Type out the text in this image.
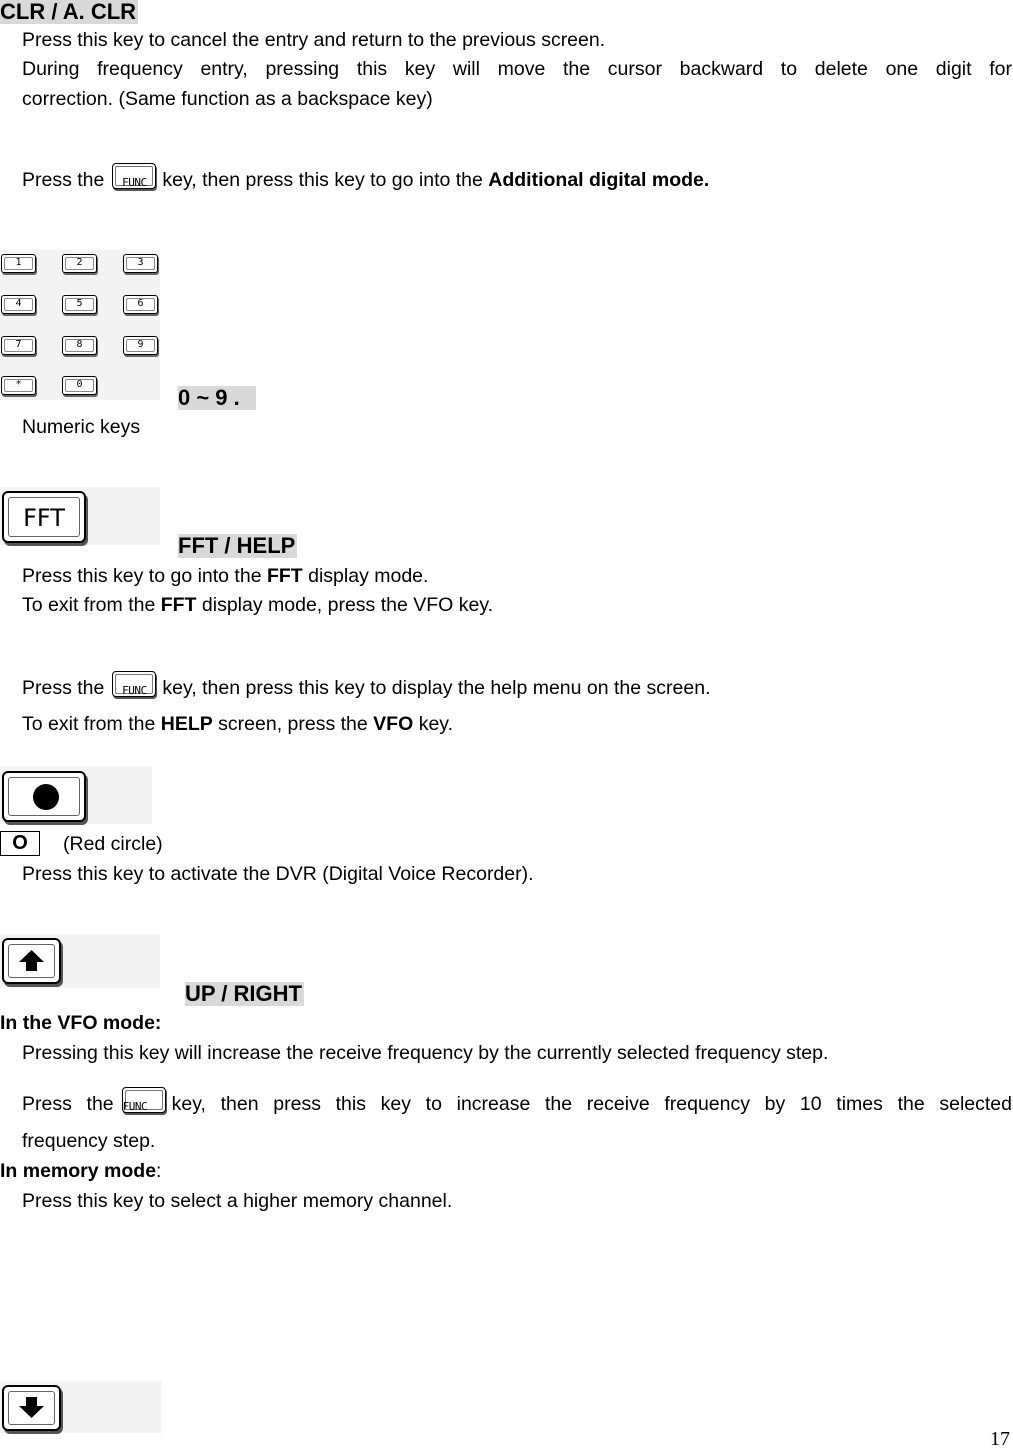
CLR / A. CLR
Press this key to cancel the entry and return to the previous screen.
During frequency entry, pressing this key will move the cursor backward to delete one digit for
correction. (Same function as a backspace key)
Press the	FUNC key, then press this key to go into the Additional digital mode.
1	2	3
4	5	6
7	8	9
*	0
0 ~ 9 .
Numeric keys
FFT
FFT / HELP
Press this key to go into the FFT display mode.
To exit from the FFT display mode, press the VFO key.
Press the	FUNC key, then press this key to display the help menu on the screen.
To exit from the HELP screen, press the VFO key.
O	(Red circle)
Press this key to activate the DVR (Digital Voice Recorder).
UP / RIGHT
In the VFO mode:
Pressing this key will increase the receive frequency by the currently selected frequency step.
Press the FUNC	key, then press this key to increase the receive frequency by 10 times the selected
frequency step.
In memory mode:
Press this key to select a higher memory channel.
17
